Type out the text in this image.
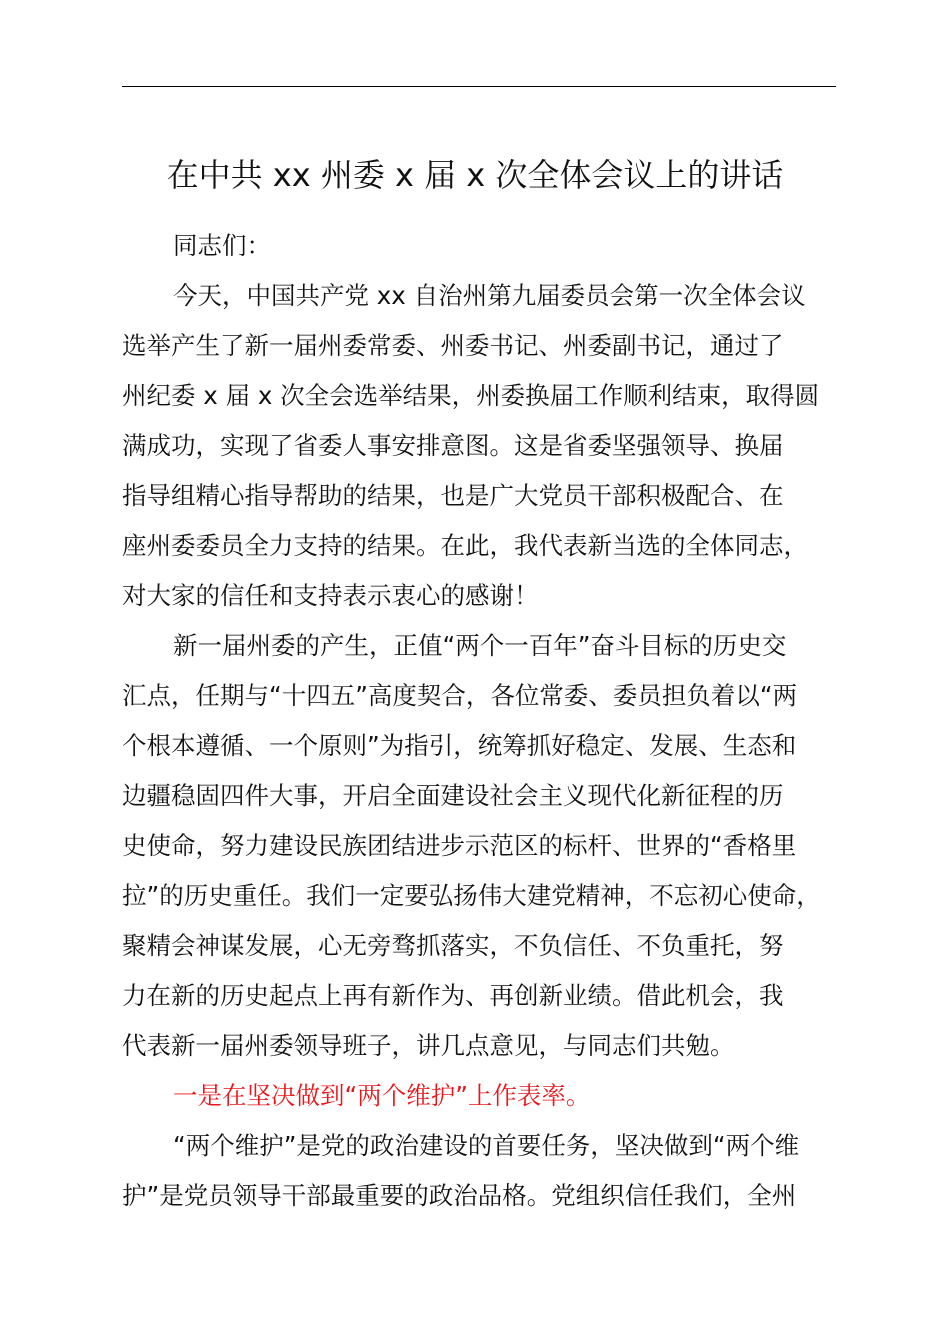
在中共 xx 州委 x 届 x 次全体会议上的讲话
同志们：
今天，中国共产党 xx 自治州第九届委员会第一次全体会议
选举产生了新一届州委常委、州委书记、州委副书记，通过了
州纪委 x 届 x 次全会选举结果，州委换届工作顺利结束，取得圆
满成功，实现了省委人事安排意图。这是省委坚强领导、换届
指导组精心指导帮助的结果，也是广大党员干部积极配合、在
座州委委员全力支持的结果。在此，我代表新当选的全体同志，
对大家的信任和支持表示衷心的感谢！
新一届州委的产生，正值“两个一百年”奋斗目标的历史交
汇点，任期与“十四五”高度契合，各位常委、委员担负着以“两
个根本遵循、一个原则”为指引，统筹抓好稳定、发展、生态和
边疆稳固四件大事，开启全面建设社会主义现代化新征程的历
史使命，努力建设民族团结进步示范区的标杆、世界的“香格里
拉”的历史重任。我们一定要弘扬伟大建党精神，不忘初心使命，
聚精会神谋发展，心无旁骛抓落实，不负信任、不负重托，努
力在新的历史起点上再有新作为、再创新业绩。借此机会，我
代表新一届州委领导班子，讲几点意见，与同志们共勉。
一是在坚决做到“两个维护”上作表率。
“两个维护”是党的政治建设的首要任务，坚决做到“两个维
护”是党员领导干部最重要的政治品格。党组织信任我们，全州
